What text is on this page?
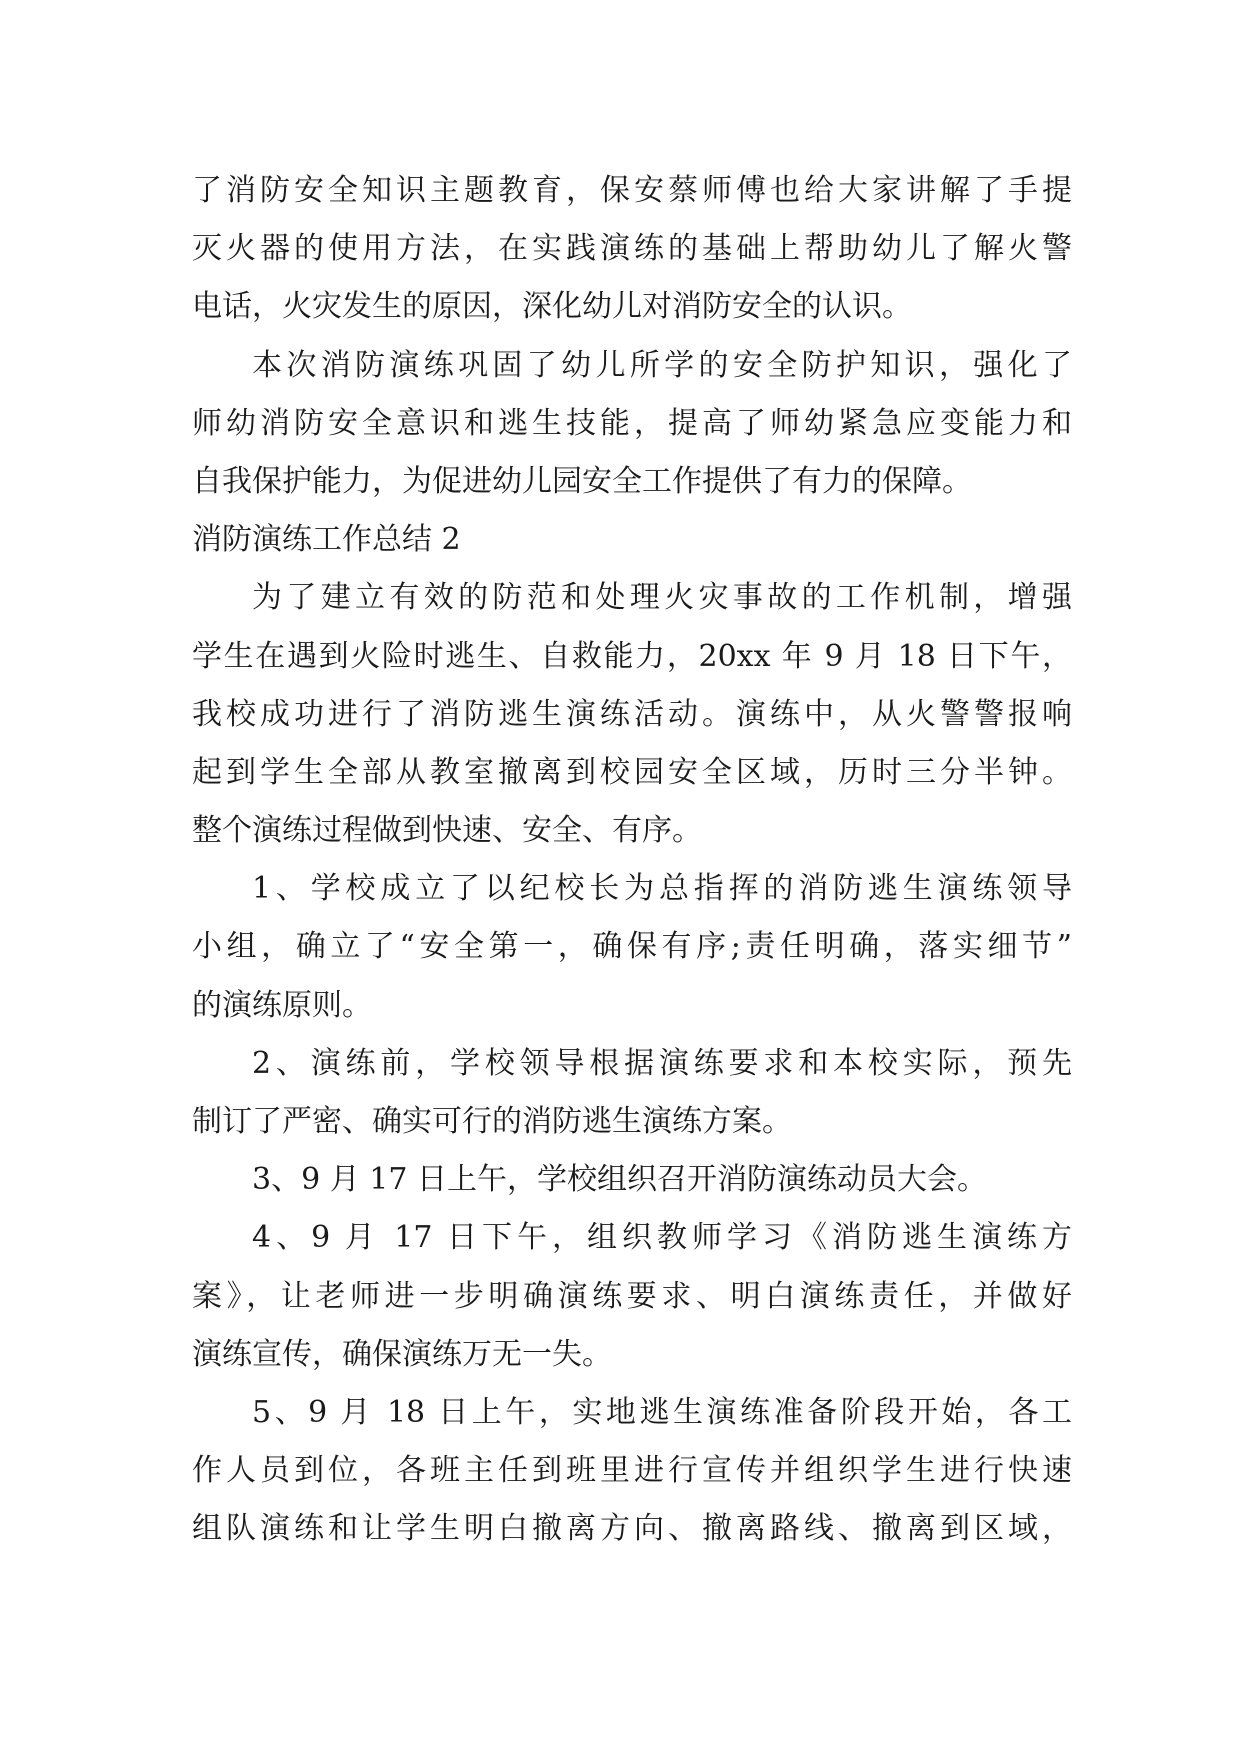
了消防安全知识主题教育，保安蔡师傅也给大家讲解了手提
灭火器的使用方法，在实践演练的基础上帮助幼儿了解火警
电话，火灾发生的原因，深化幼儿对消防安全的认识。
本次消防演练巩固了幼儿所学的安全防护知识，强化了
师幼消防安全意识和逃生技能，提高了师幼紧急应变能力和
自我保护能力，为促进幼儿园安全工作提供了有力的保障。
消防演练工作总结 2
为了建立有效的防范和处理火灾事故的工作机制，增强
学生在遇到火险时逃生、自救能力，20xx 年 9 月 18 日下午，
我校成功进行了消防逃生演练活动。演练中，从火警警报响
起到学生全部从教室撤离到校园安全区域，历时三分半钟。
整个演练过程做到快速、安全、有序。
1、学校成立了以纪校长为总指挥的消防逃生演练领导
小组，确立了“安全第一，确保有序;责任明确，落实细节”
的演练原则。
2、演练前，学校领导根据演练要求和本校实际，预先
制订了严密、确实可行的消防逃生演练方案。
3、9 月 17 日上午，学校组织召开消防演练动员大会。
4、9 月 17 日下午，组织教师学习《消防逃生演练方
案》，让老师进一步明确演练要求、明白演练责任，并做好
演练宣传，确保演练万无一失。
5、9 月 18 日上午，实地逃生演练准备阶段开始，各工
作人员到位，各班主任到班里进行宣传并组织学生进行快速
组队演练和让学生明白撤离方向、撤离路线、撤离到区域，
